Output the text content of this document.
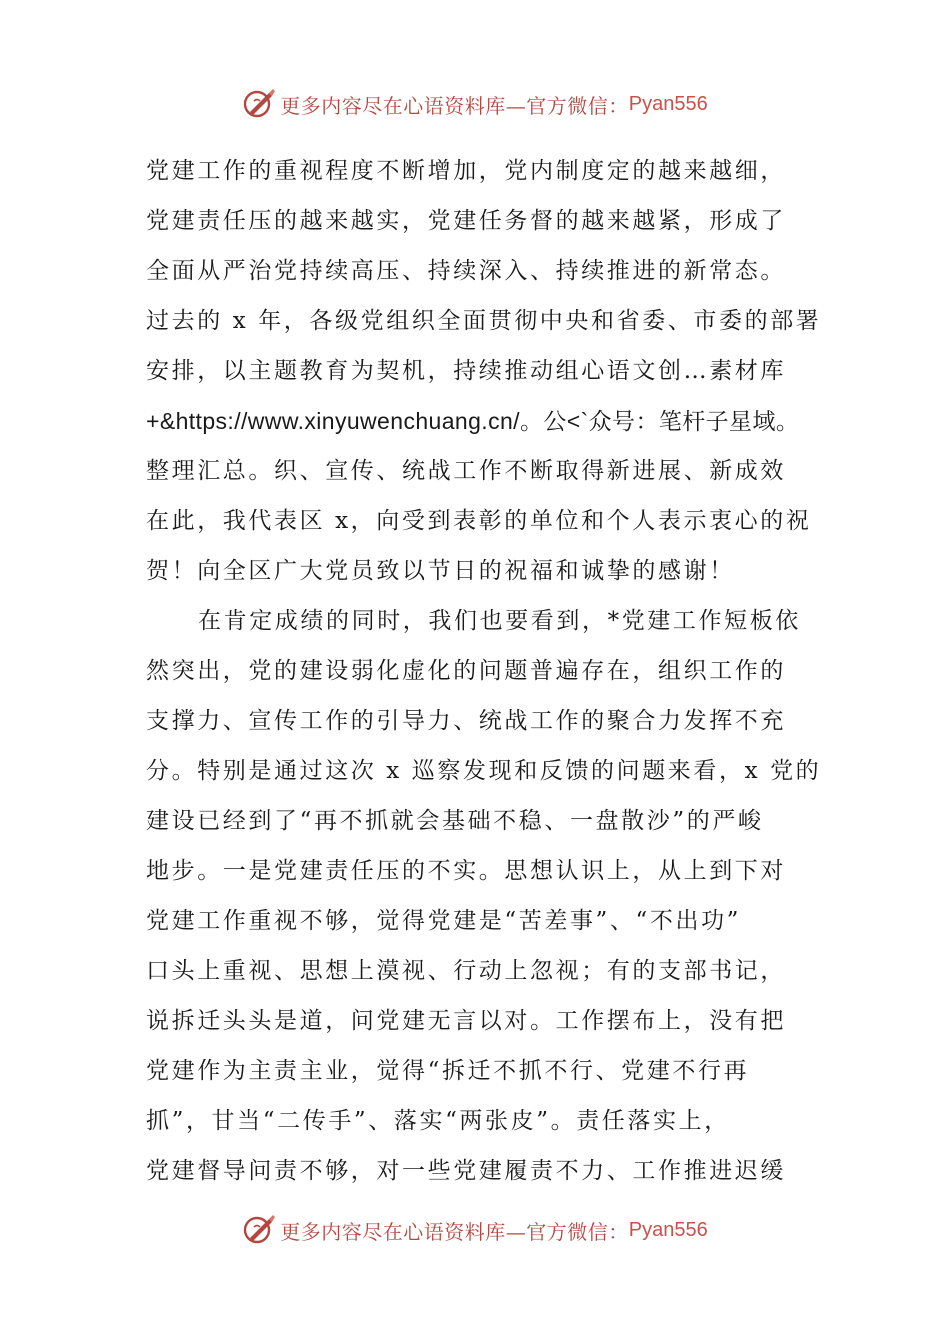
更多内容尽在心语资料库—官方微信： Pyan556
党建工作的重视程度不断增加，党内制度定的越来越细，
党建责任压的越来越实，党建任务督的越来越紧，形成了
全面从严治党持续高压、持续深入、持续推进的新常态。
过去的 x 年，各级党组织全面贯彻中央和省委、市委的部署
安排，以主题教育为契机，持续推动组心语文创…素材库
+&https://www.xinyuwenchuang.cn/。公<`众号：笔杆子星域。
整理汇总。织、宣传、统战工作不断取得新进展、新成效
在此，我代表区 x，向受到表彰的单位和个人表示衷心的祝
贺！向全区广大党员致以节日的祝福和诚挚的感谢！
在肯定成绩的同时，我们也要看到，*党建工作短板依
然突出，党的建设弱化虚化的问题普遍存在，组织工作的
支撑力、宣传工作的引导力、统战工作的聚合力发挥不充
分。特别是通过这次 x 巡察发现和反馈的问题来看，x 党的
建设已经到了“再不抓就会基础不稳、一盘散沙”的严峻
地步。一是党建责任压的不实。思想认识上，从上到下对
党建工作重视不够，觉得党建是“苦差事”、“不出功”
口头上重视、思想上漠视、行动上忽视；有的支部书记，
说拆迁头头是道，问党建无言以对。工作摆布上，没有把
党建作为主责主业，觉得“拆迁不抓不行、党建不行再
抓”，甘当“二传手”、落实“两张皮”。责任落实上，
党建督导问责不够，对一些党建履责不力、工作推进迟缓
更多内容尽在心语资料库—官方微信： Pyan556
